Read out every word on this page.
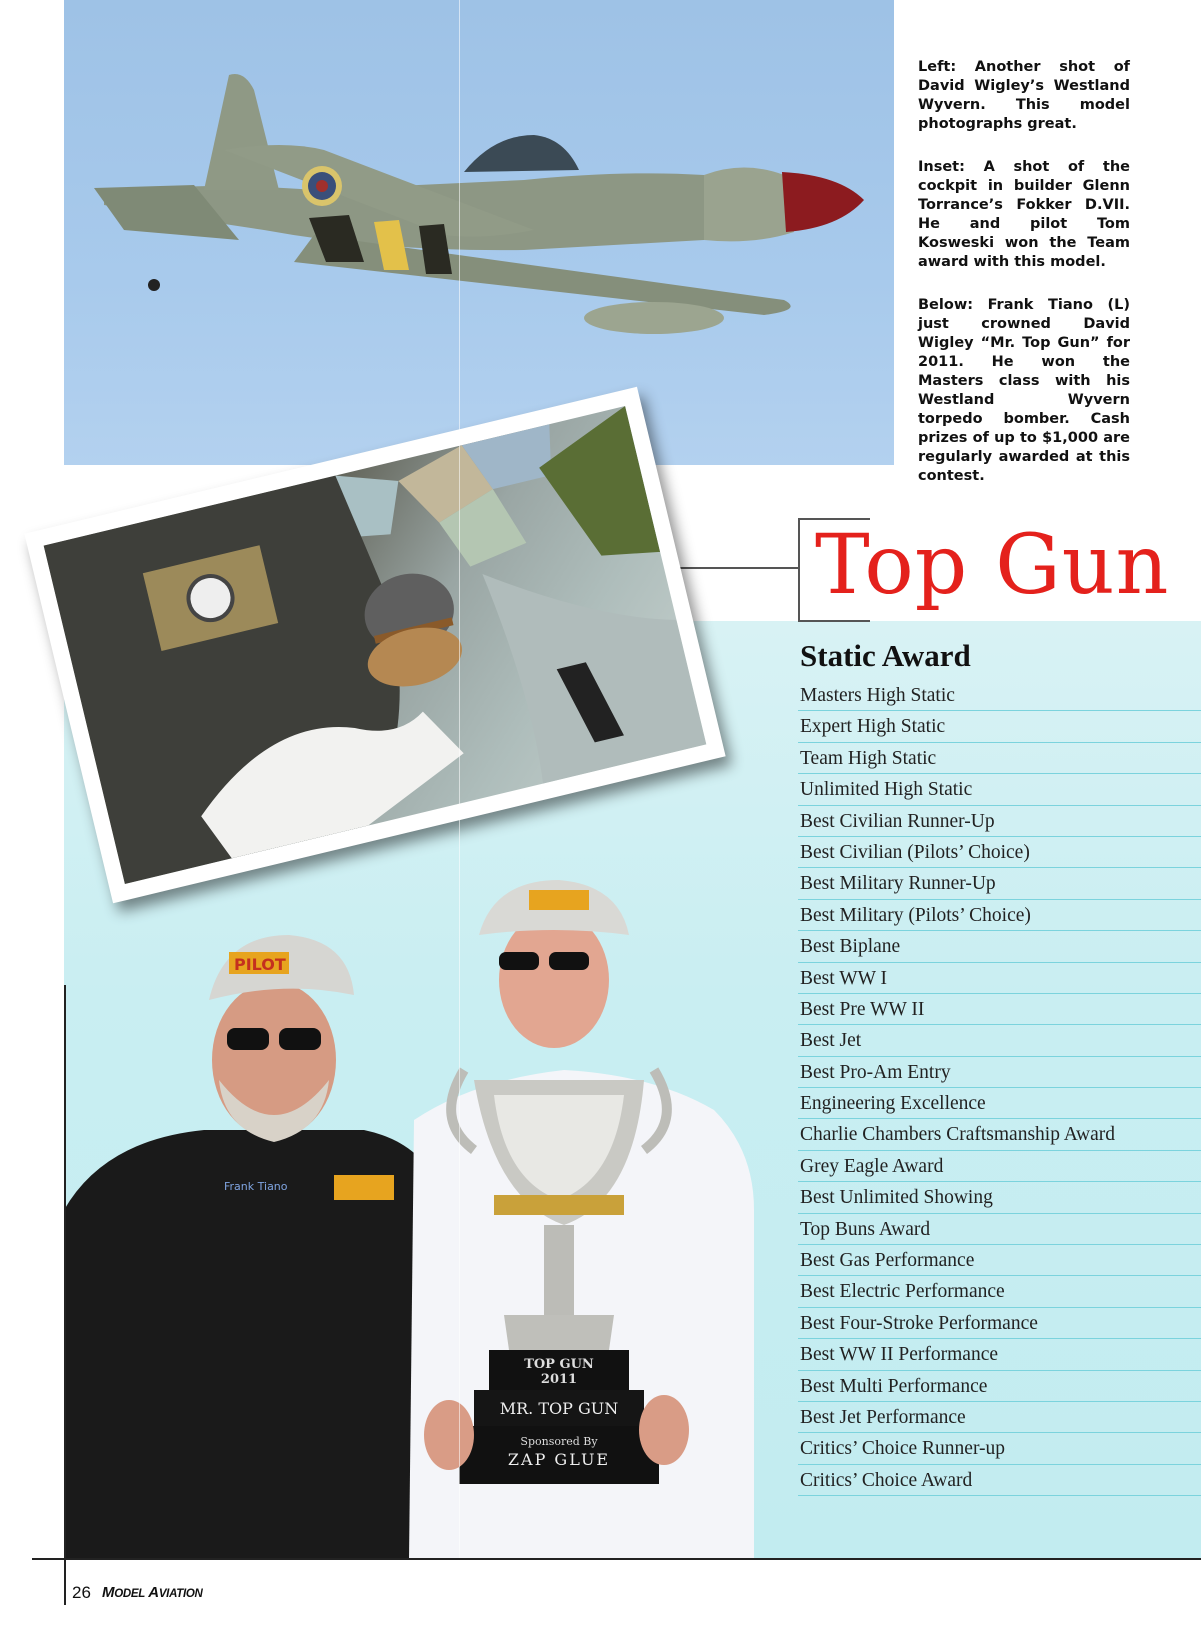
Left: Another shot of David Wigley’s Westland Wyvern. This model photographs great.

Inset: A shot of the cockpit in builder Glenn Torrance’s Fokker D.VII. He and pilot Tom Kosweski won the Team award with this model.

Below: Frank Tiano (L) just crowned David Wigley “Mr. Top Gun” for 2011. He won the Masters class with his Westland Wyvern torpedo bomber. Cash prizes of up to $1,000 are regularly awarded at this contest.

Top Gun
Static Award
Masters High Static
Expert High Static
Team High Static
Unlimited High Static
Best Civilian Runner-Up
Best Civilian (Pilots’ Choice)
Best Military Runner-Up
Best Military (Pilots’ Choice)
Best Biplane
Best WW I
Best Pre WW II
Best Jet
Best Pro-Am Entry
Engineering Excellence
Charlie Chambers Craftsmanship Award
Grey Eagle Award
Best Unlimited Showing
Top Buns Award
Best Gas Performance
Best Electric Performance
Best Four-Stroke Performance
Best WW II Performance
Best Multi Performance
Best Jet Performance
Critics’ Choice Runner-up
Critics’ Choice Award
PILOT
Frank Tiano
TOP GUN
2011
MR. TOP GUN
Sponsored By
ZAP GLUE
26 MODEL AVIATION
